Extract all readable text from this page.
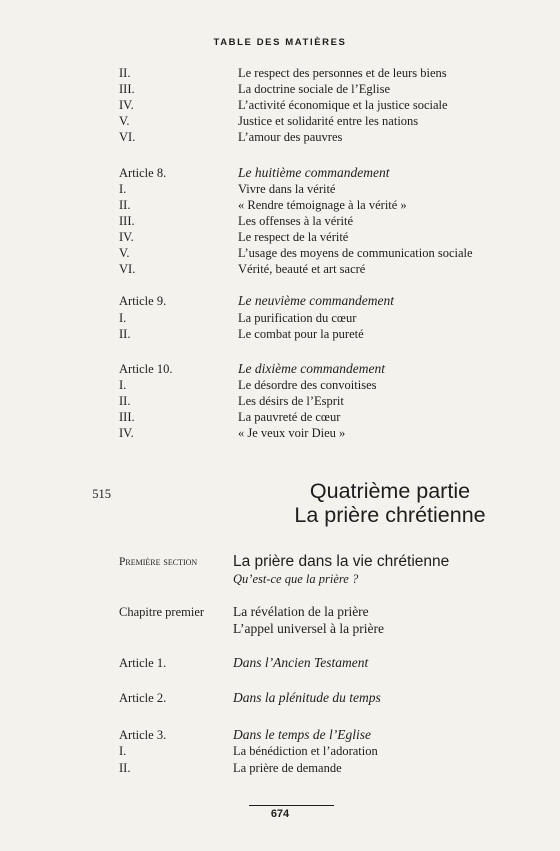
TABLE DES MATIÈRES
II.	Le respect des personnes et de leurs biens
III.	La doctrine sociale de l’Eglise
IV.	L’activité économique et la justice sociale
V.	Justice et solidarité entre les nations
VI.	L’amour des pauvres
Article 8.	Le huitième commandement
I.	Vivre dans la vérité
II.	« Rendre témoignage à la vérité »
III.	Les offenses à la vérité
IV.	Le respect de la vérité
V.	L’usage des moyens de communication sociale
VI.	Vérité, beauté et art sacré
Article 9.	Le neuvième commandement
I.	La purification du cœur
II.	Le combat pour la pureté
Article 10.	Le dixième commandement
I.	Le désordre des convoitises
II.	Les désirs de l’Esprit
III.	La pauvreté de cœur
IV.	« Je veux voir Dieu »
515	Quatrième partie
La prière chrétienne
Première section La prière dans la vie chrétienne
Qu’est-ce que la prière ?
Chapitre premier La révélation de la prière
L’appel universel à la prière
Article 1.	Dans l’Ancien Testament
Article 2.	Dans la plénitude du temps
Article 3.	Dans le temps de l’Eglise
I.	La bénédiction et l’adoration
II.	La prière de demande
674
